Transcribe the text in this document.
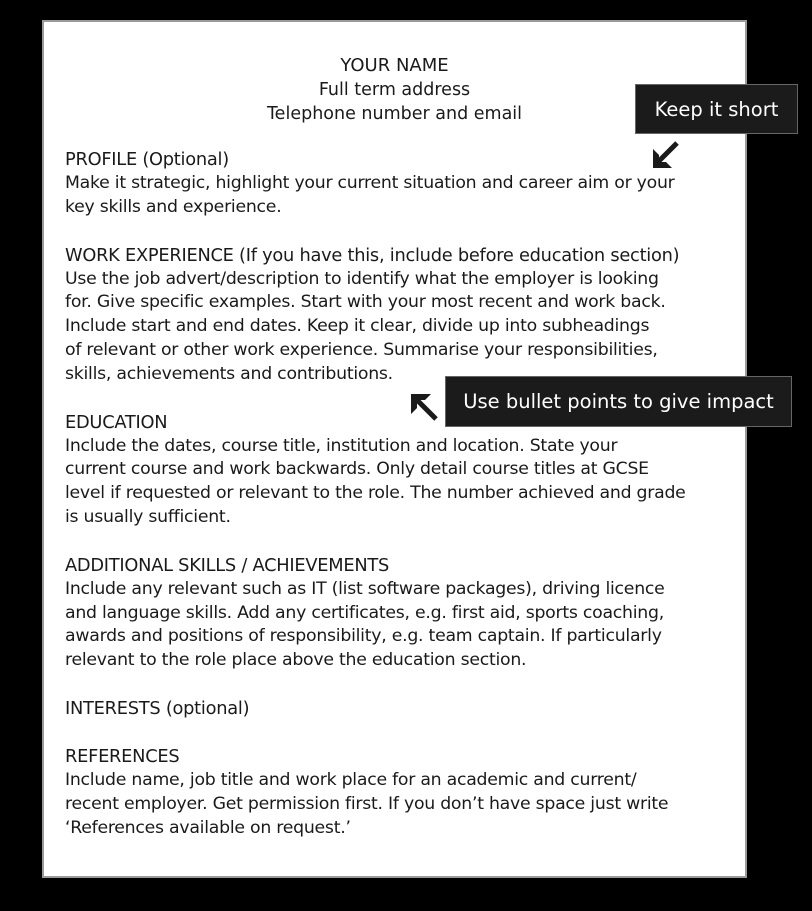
YOUR NAME
Full term address
Telephone number and email
PROFILE (Optional)

Make it strategic, highlight your current situation and career aim or your
key skills and experience.

WORK EXPERIENCE (If you have this, include before education section)

Use the job advert/description to identify what the employer is looking
for. Give specific examples. Start with your most recent and work back.
Include start and end dates. Keep it clear, divide up into subheadings
of relevant or other work experience. Summarise your responsibilities,
skills, achievements and contributions.

EDUCATION

Include the dates, course title, institution and location. State your
current course and work backwards. Only detail course titles at GCSE
level if requested or relevant to the role. The number achieved and grade
is usually sufficient.

ADDITIONAL SKILLS / ACHIEVEMENTS

Include any relevant such as IT (list software packages), driving licence
and language skills. Add any certificates, e.g. first aid, sports coaching,
awards and positions of responsibility, e.g. team captain. If particularly
relevant to the role place above the education section.

INTERESTS (optional)
REFERENCES

Include name, job title and work place for an academic and current/
recent employer. Get permission first. If you don’t have space just write
‘References available on request.’

Keep it short
Use bullet points to give impact
